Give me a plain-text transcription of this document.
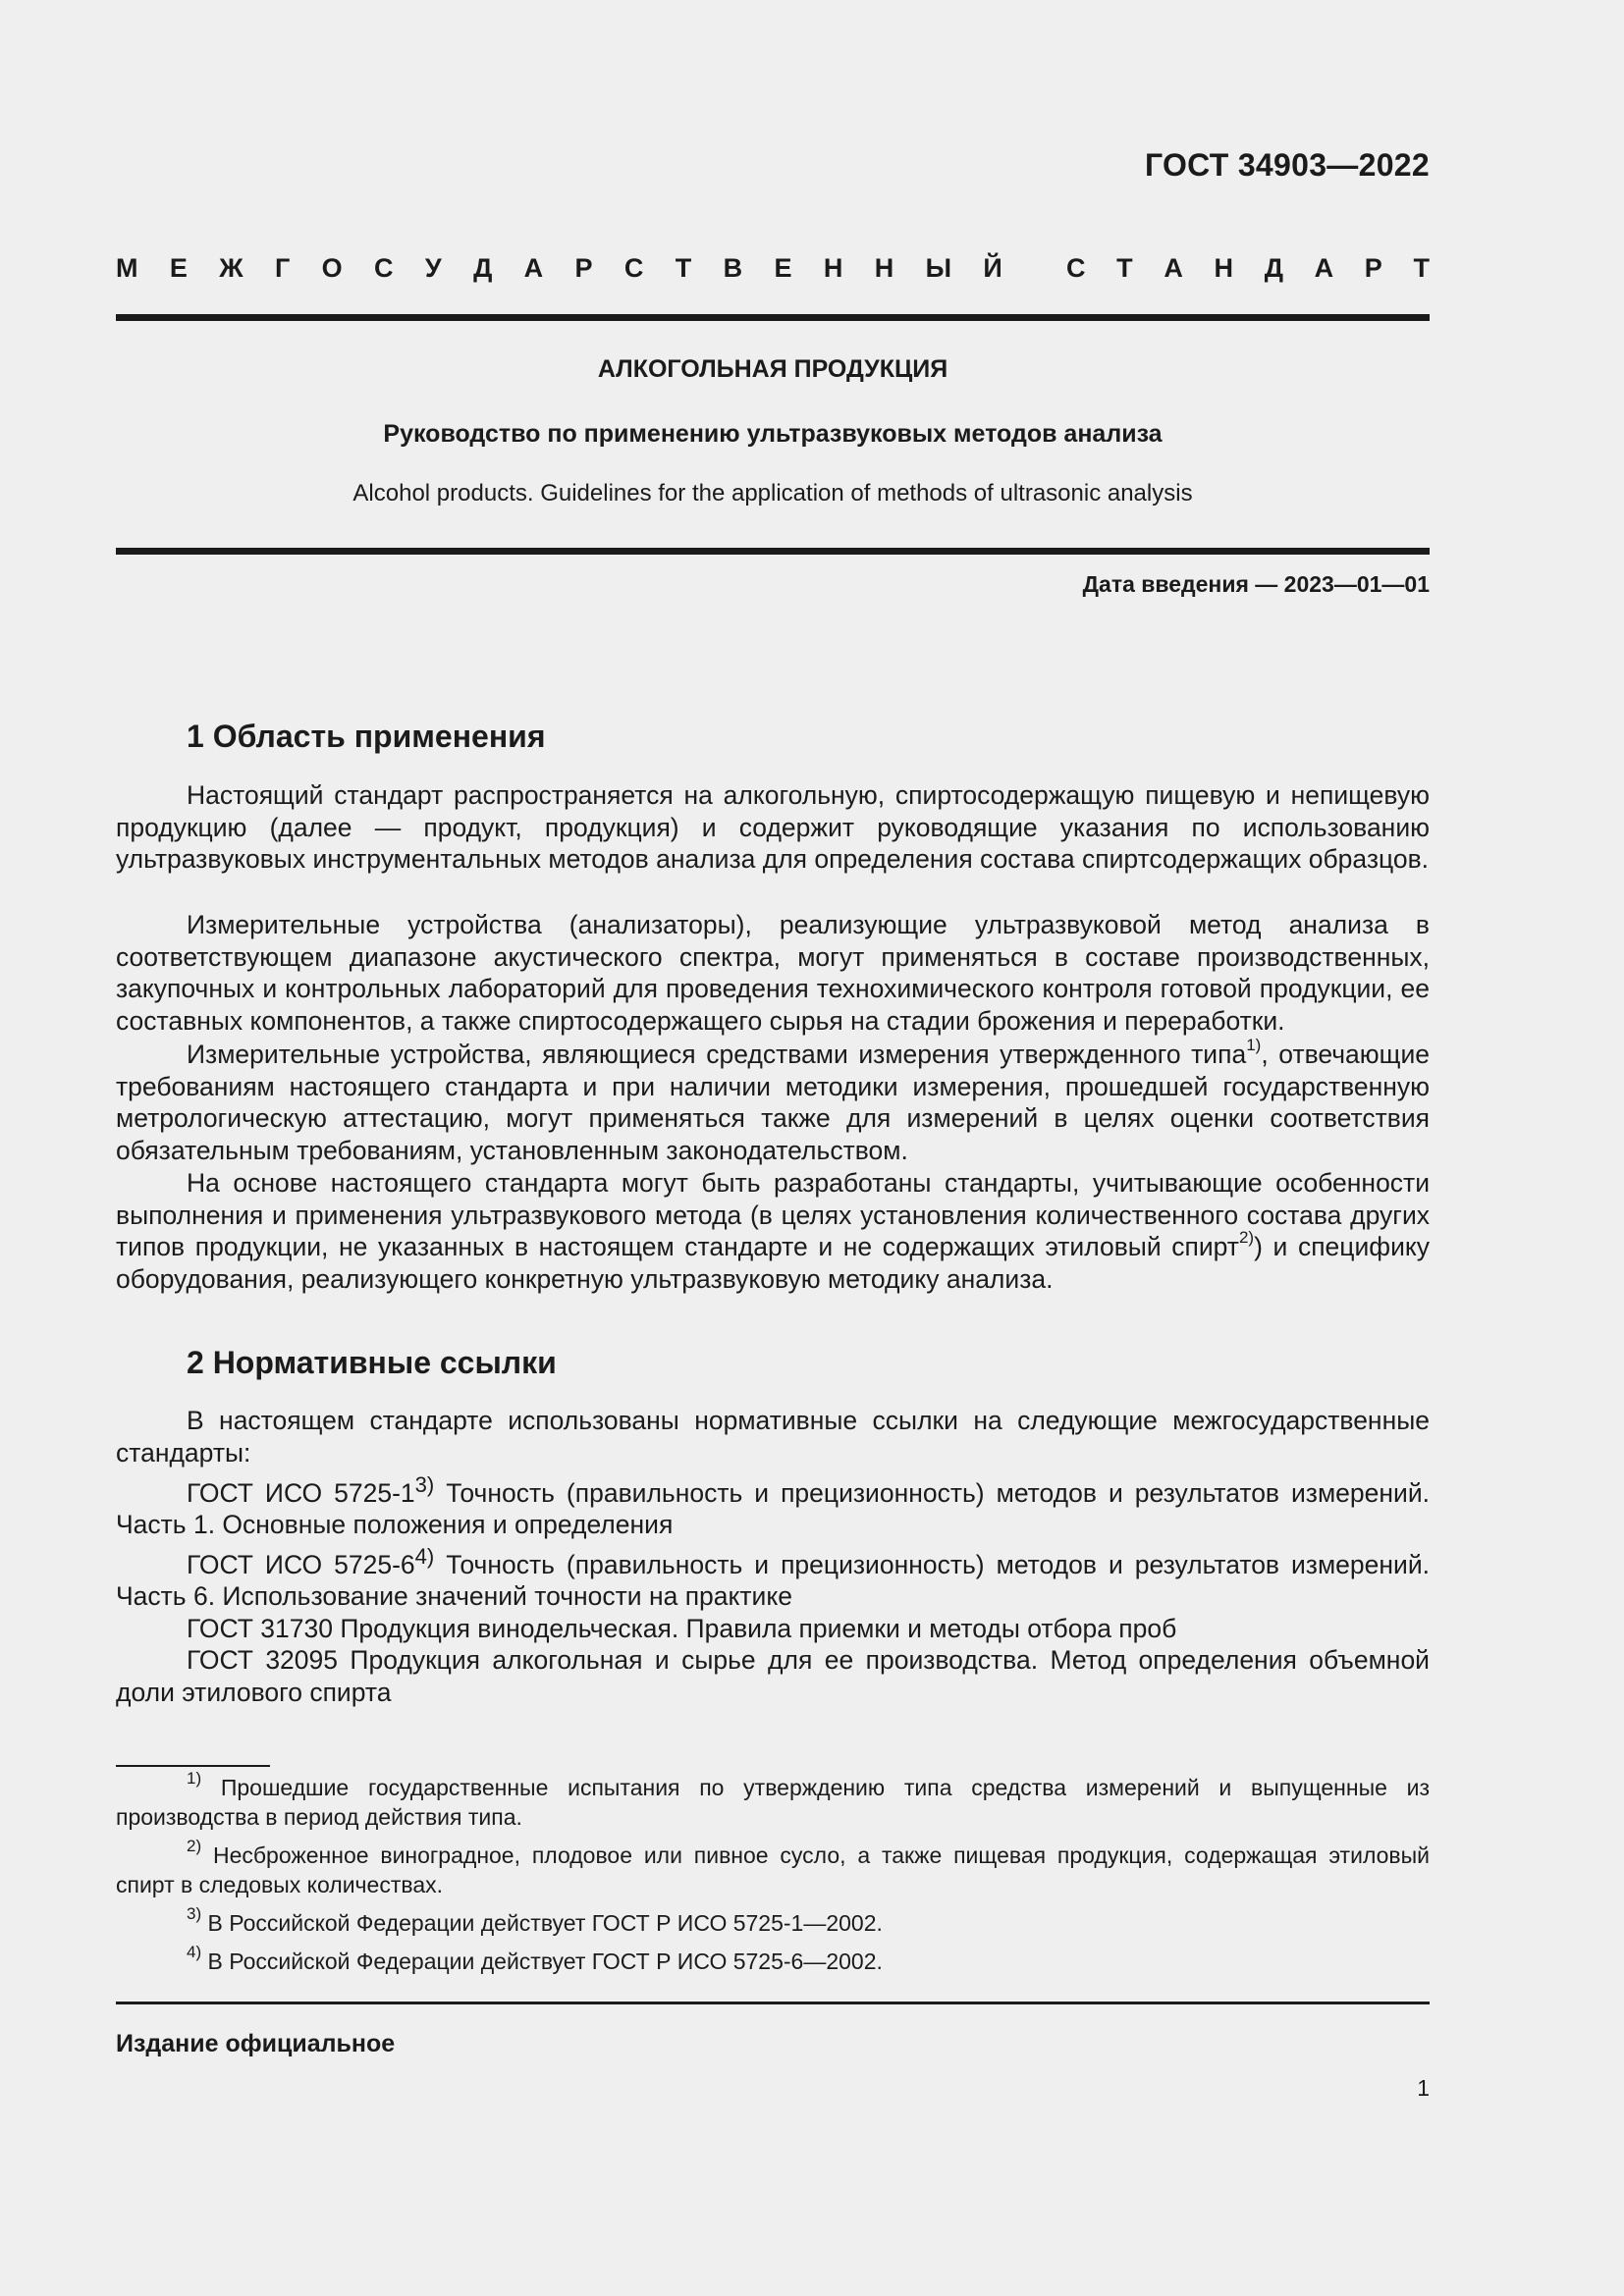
ГОСТ 34903—2022
М Е Ж Г О С У Д А Р С Т В Е Н Н Ы Й С Т А Н Д А Р Т
АЛКОГОЛЬНАЯ ПРОДУКЦИЯ
Руководство по применению ультразвуковых методов анализа
Alcohol products. Guidelines for the application of methods of ultrasonic analysis
Дата введения — 2023—01—01
1 Область применения
Настоящий стандарт распространяется на алкогольную, спиртосодержащую пищевую и непищевую продукцию (далее — продукт, продукция) и содержит руководящие указания по использованию ультразвуковых инструментальных методов анализа для определения состава спиртсодержащих образцов.
Измерительные устройства (анализаторы), реализующие ультразвуковой метод анализа в соответствующем диапазоне акустического спектра, могут применяться в составе производственных, закупочных и контрольных лабораторий для проведения технохимического контроля готовой продукции, ее составных компонентов, а также спиртосодержащего сырья на стадии брожения и переработки.
Измерительные устройства, являющиеся средствами измерения утвержденного типа$^{1)}$, отвечающие требованиям настоящего стандарта и при наличии методики измерения, прошедшей государственную метрологическую аттестацию, могут применяться также для измерений в целях оценки соответствия обязательным требованиям, установленным законодательством.
На основе настоящего стандарта могут быть разработаны стандарты, учитывающие особенности выполнения и применения ультразвукового метода (в целях установления количественного состава других типов продукции, не указанных в настоящем стандарте и не содержащих этиловый спирт$^{2)}$) и специфику оборудования, реализующего конкретную ультразвуковую методику анализа.
2 Нормативные ссылки
В настоящем стандарте использованы нормативные ссылки на следующие межгосударственные стандарты:
ГОСТ ИСО 5725-1$^{3)}$ Точность (правильность и прецизионность) методов и результатов измерений. Часть 1. Основные положения и определения
ГОСТ ИСО 5725-6$^{4)}$ Точность (правильность и прецизионность) методов и результатов измерений. Часть 6. Использование значений точности на практике
ГОСТ 31730 Продукция винодельческая. Правила приемки и методы отбора проб
ГОСТ 32095 Продукция алкогольная и сырье для ее производства. Метод определения объемной доли этилового спирта
$^{1)}$ Прошедшие государственные испытания по утверждению типа средства измерений и выпущенные из производства в период действия типа.
$^{2)}$ Несброженное виноградное, плодовое или пивное сусло, а также пищевая продукция, содержащая этиловый спирт в следовых количествах.
$^{3)}$ В Российской Федерации действует ГОСТ Р ИСО 5725-1—2002.
$^{4)}$ В Российской Федерации действует ГОСТ Р ИСО 5725-6—2002.
Издание официальное
1
